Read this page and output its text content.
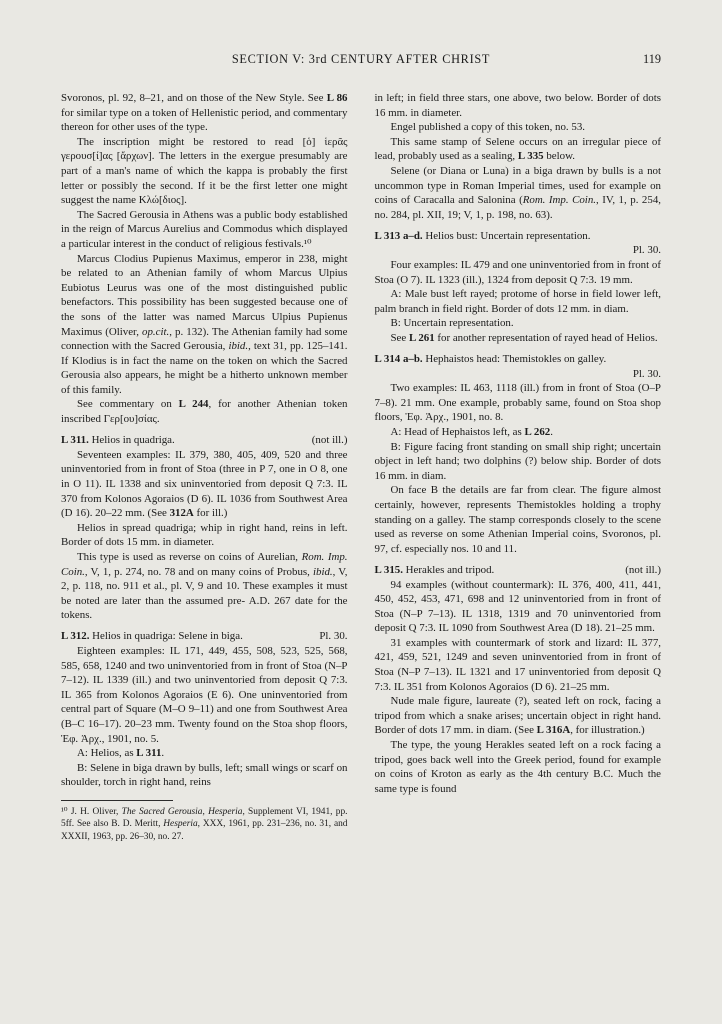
SECTION V: 3rd CENTURY AFTER CHRIST	119
Svoronos, pl. 92, 8–21, and on those of the New Style. See L 86 for similar type on a token of Hellenistic period, and commentary thereon for other uses of the type.
The inscription might be restored to read [ὁ] ἱερᾶς γερουσ[ί]ας [ἄρχων]. The letters in the exergue presumably are part of a man's name of which the kappa is probably the first letter or possibly the second. If it be the first letter one might suggest the name Κλώ[διος].
The Sacred Gerousia in Athens was a public body established in the reign of Marcus Aurelius and Commodus which displayed a particular interest in the conduct of religious festivals.¹⁰
Marcus Clodius Pupienus Maximus, emperor in 238, might be related to an Athenian family of whom Marcus Ulpius Eubiotus Leurus was one of the most distinguished public benefactors. This possibility has been suggested because one of the sons of the latter was named Marcus Ulpius Pupienus Maximus (Oliver, op.cit., p. 132). The Athenian family had some connection with the Sacred Gerousia, ibid., text 31, pp. 125–141. If Klodius is in fact the name on the token on which the Sacred Gerousia also appears, he might be a hitherto unknown member of this family.
See commentary on L 244, for another Athenian token inscribed Γερ[ου]σίας.
(not ill.)
L 311. Helios in quadriga.
Seventeen examples: IL 379, 380, 405, 409, 520 and three uninventoried from in front of Stoa (three in P 7, one in O 8, one in O 11). IL 1338 and six uninventoried from deposit Q 7:3. IL 370 from Kolonos Agoraios (D 6). IL 1036 from Southwest Area (D 16). 20–22 mm. (See 312A for ill.)
Helios in spread quadriga; whip in right hand, reins in left. Border of dots 15 mm. in diameter.
This type is used as reverse on coins of Aurelian, Rom. Imp. Coin., V, 1, p. 274, no. 78 and on many coins of Probus, ibid., V, 2, p. 118, no. 911 et al., pl. V, 9 and 10. These examples it must be noted are later than the assumed pre- A.D. 267 date for the tokens.
Pl. 30.
L 312. Helios in quadriga: Selene in biga.
Eighteen examples: IL 171, 449, 455, 508, 523, 525, 568, 585, 658, 1240 and two uninventoried from in front of Stoa (N–P 7–12). IL 1339 (ill.) and two uninventoried from deposit Q 7:3. IL 365 from Kolonos Agoraios (E 6). One uninventoried from central part of Square (M–O 9–11) and one from Southwest Area (B–C 16–17). 20–23 mm. Twenty found on the Stoa shop floors, Ἐφ. Ἀρχ., 1901, no. 5.
A: Helios, as L 311.
B: Selene in biga drawn by bulls, left; small wings or scarf on shoulder, torch in right hand, reins
¹⁰ J. H. Oliver, The Sacred Gerousia, Hesperia, Supplement VI, 1941, pp. 5ff. See also B. D. Meritt, Hesperia, XXX, 1961, pp. 231–236, no. 31, and XXXII, 1963, pp. 26–30, no. 27.
in left; in field three stars, one above, two below. Border of dots 16 mm. in diameter.
Engel published a copy of this token, no. 53.
This same stamp of Selene occurs on an irregular piece of lead, probably used as a sealing, L 335 below.
Selene (or Diana or Luna) in a biga drawn by bulls is a not uncommon type in Roman Imperial times, used for example on coins of Caracalla and Salonina (Rom. Imp. Coin., IV, 1, p. 254, no. 284, pl. XII, 19; V, 1, p. 198, no. 63).
L 313 a–d. Helios bust: Uncertain representation.
Pl. 30.
Four examples: IL 479 and one uninventoried from in front of Stoa (O 7). IL 1323 (ill.), 1324 from deposit Q 7:3. 19 mm.
A: Male bust left rayed; protome of horse in field lower left, palm branch in field right. Border of dots 12 mm. in diam.
B: Uncertain representation.
See L 261 for another representation of rayed head of Helios.
L 314 a–b. Hephaistos head: Themistokles on galley.
Pl. 30.
Two examples: IL 463, 1118 (ill.) from in front of Stoa (O–P 7–8). 21 mm. One example, probably same, found on Stoa shop floors, Ἐφ. Ἀρχ., 1901, no. 8.
A: Head of Hephaistos left, as L 262.
B: Figure facing front standing on small ship right; uncertain object in left hand; two dolphins (?) below ship. Border of dots 16 mm. in diam.
On face B the details are far from clear. The figure almost certainly, however, represents Themistokles holding a trophy standing on a galley. The stamp corresponds closely to the scene used as reverse on some Athenian Imperial coins, Svoronos, pl. 97, cf. especially nos. 10 and 11.
(not ill.)
L 315. Herakles and tripod.
94 examples (without countermark): IL 376, 400, 411, 441, 450, 452, 453, 471, 698 and 12 uninventoried from in front of Stoa (N–P 7–13). IL 1318, 1319 and 70 uninventoried from deposit Q 7:3. IL 1090 from Southwest Area (D 18). 21–25 mm.
31 examples with countermark of stork and lizard: IL 377, 421, 459, 521, 1249 and seven uninventoried from in front of Stoa (N–P 7–13). IL 1321 and 17 uninventoried from deposit Q 7:3. IL 351 from Kolonos Agoraios (D 6). 21–25 mm.
Nude male figure, laureate (?), seated left on rock, facing a tripod from which a snake arises; uncertain object in right hand. Border of dots 17 mm. in diam. (See L 316A, for illustration.)
The type, the young Herakles seated left on a rock facing a tripod, goes back well into the Greek period, found for example on coins of Kroton as early as the 4th century B.C. Much the same type is found
